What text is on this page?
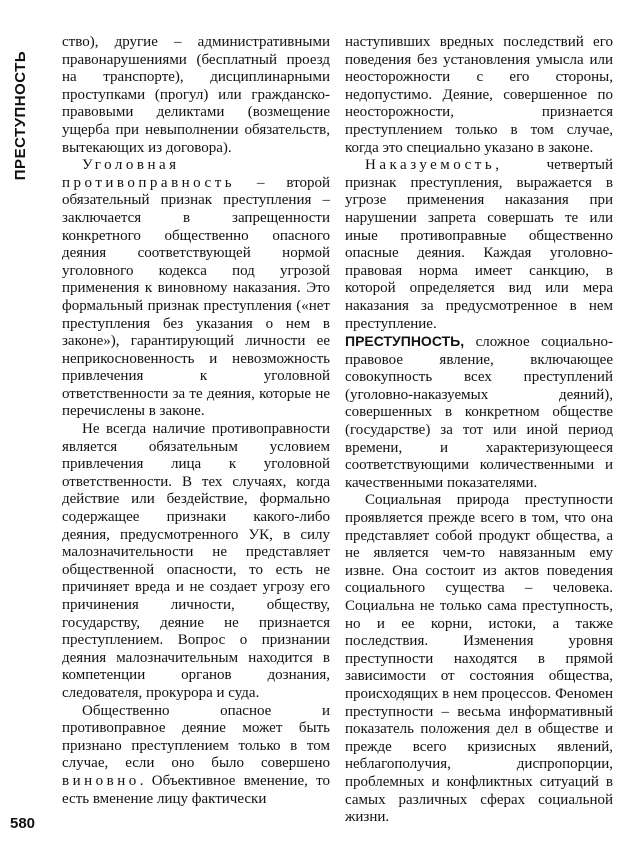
ПРЕСТУПНОСТЬ
580

ство), другие – административными правонарушениями (бесплатный проезд на транспорте), дисциплинарными проступками (прогул) или гражданско-правовыми деликтами (возмещение ущерба при невыполнении обязательств, вытекающих из договора).

Уголовная противоправность – второй обязательный признак преступления – заключается в запрещенности конкретного общественно опасного деяния соответствующей нормой уголовного кодекса под угрозой применения к виновному наказания. Это формальный признак преступления («нет преступления без указания о нем в законе»), гарантирующий личности ее неприкосновенность и невозможность привлечения к уголовной ответственности за те деяния, которые не перечислены в законе.

Не всегда наличие противоправности является обязательным условием привлечения лица к уголовной ответственности. В тех случаях, когда действие или бездействие, формально содержащее признаки какого-либо деяния, предусмотренного УК, в силу малозначительности не представляет общественной опасности, то есть не причиняет вреда и не создает угрозу его причинения личности, обществу, государству, деяние не признается преступлением. Вопрос о признании деяния малозначительным находится в компетенции органов дознания, следователя, прокурора и суда.

Общественно опасное и противоправное деяние может быть признано преступлением только в том случае, если оно было совершено виновно. Объективное вменение, то есть вменение лицу фактически

наступивших вредных последствий его поведения без установления умысла или неосторожности с его стороны, недопустимо. Деяние, совершенное по неосторожности, признается преступлением только в том случае, когда это специально указано в законе.

Наказуемость, четвертый признак преступления, выражается в угрозе применения наказания при нарушении запрета совершать те или иные противоправные общественно опасные деяния. Каждая уголовно-правовая норма имеет санкцию, в которой определяется вид или мера наказания за предусмотренное в нем преступление.

ПРЕСТУПНОСТЬ, сложное социально-правовое явление, включающее совокупность всех преступлений (уголовно-наказуемых деяний), совершенных в конкретном обществе (государстве) за тот или иной период времени, и характеризующееся соответствующими количественными и качественными показателями.

Социальная природа преступности проявляется прежде всего в том, что она представляет собой продукт общества, а не является чем-то навязанным ему извне. Она состоит из актов поведения социального существа – человека. Социальна не только сама преступность, но и ее корни, истоки, а также последствия. Изменения уровня преступности находятся в прямой зависимости от состояния общества, происходящих в нем процессов. Феномен преступности – весьма информативный показатель положения дел в обществе и прежде всего кризисных явлений, неблагополучия, диспропорции, проблемных и конфликтных ситуаций в самых различных сферах социальной жизни.
